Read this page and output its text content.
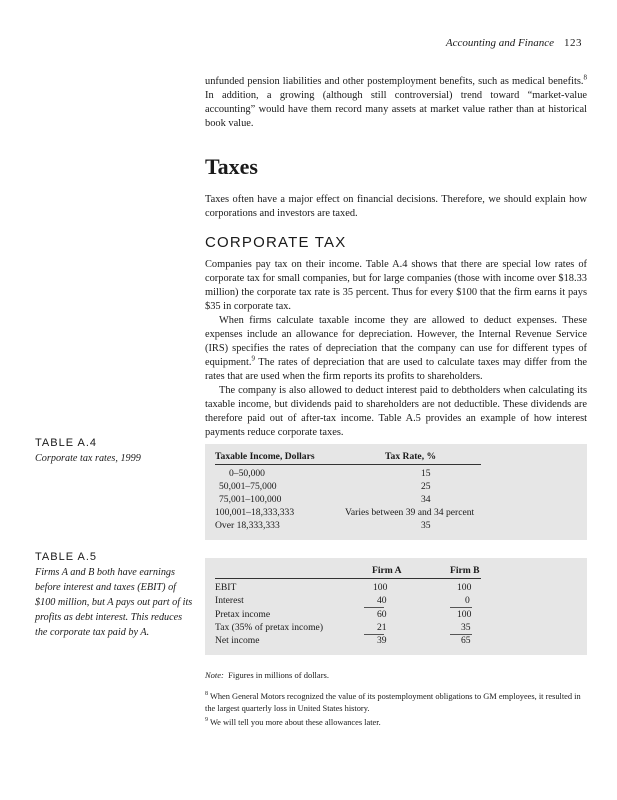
Accounting and Finance 123

unfunded pension liabilities and other postemployment benefits, such as medical benefits.$^8$ In addition, a growing (although still controversial) trend toward “market-value accounting” would have them record many assets at market value rather than at historical book value.

Taxes

Taxes often have a major effect on financial decisions. Therefore, we should explain how corporations and investors are taxed.

CORPORATE TAX

Companies pay tax on their income. Table A.4 shows that there are special low rates of corporate tax for small companies, but for large companies (those with income over $18.33 million) the corporate tax rate is 35 percent. Thus for every $100 that the firm earns it pays $35 in corporate tax.

When firms calculate taxable income they are allowed to deduct expenses. These expenses include an allowance for depreciation. However, the Internal Revenue Service (IRS) specifies the rates of depreciation that the company can use for different types of equipment.$^9$ The rates of depreciation that are used to calculate taxes may differ from the rates that are used when the firm reports its profits to shareholders.

The company is also allowed to deduct interest paid to debtholders when calculating its taxable income, but dividends paid to shareholders are not deductible. These dividends are therefore paid out of after-tax income. Table A.5 provides an example of how interest payments reduce corporate taxes.

TABLE A.4
Corporate tax rates, 1999	Taxable Income, Dollars	Tax Rate, %
0–50,000	15
50,001–75,000	25
75,001–100,000	34
100,001–18,333,333	Varies between 39 and 34 percent
Over 18,333,333	35
TABLE A.5
Firms A and B both have earnings before interest and taxes (EBIT) of $100 million, but A pays out part of its profits as debt interest. This reduces the corporate tax paid by A.
Firm A	Firm B
EBIT	100	100
Interest	40	0
Pretax income	60	100
Tax (35% of pretax income)	21	35
Net income	39	65
Note: Figures in millions of dollars.
$^8$ When General Motors recognized the value of its postemployment obligations to GM employees, it resulted in the largest quarterly loss in United States history.
$^9$ We will tell you more about these allowances later.
